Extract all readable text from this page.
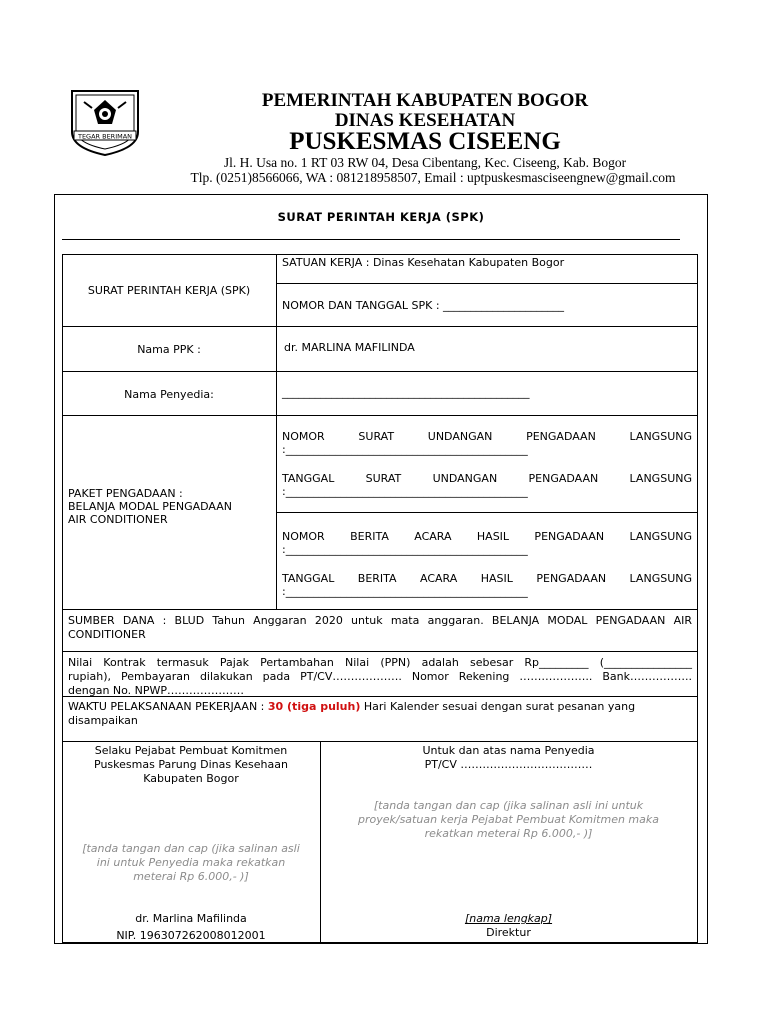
TEGAR BERIMAN
PEMERINTAH KABUPATEN BOGOR
DINAS KESEHATAN
PUSKESMAS CISEENG
Jl. H. Usa no. 1 RT 03 RW 04, Desa Cibentang, Kec. Ciseeng, Kab. Bogor
Tlp. (0251)8566066, WA : 081218958507, Email : uptpuskesmasciseengnew@gmail.com
SURAT PERINTAH KERJA (SPK)
SURAT PERINTAH KERJA (SPK)
SATUAN KERJA : Dinas Kesehatan Kabupaten Bogor
NOMOR DAN TANGGAL SPK : ______________________
Nama PPK :	dr. MARLINA MAFILINDA
Nama Penyedia:	_____________________________________________
PAKET PENGADAAN :
BELANJA MODAL PENGADAAN
AIR CONDITIONER
NOMOR SURAT UNDANGAN PENGADAAN LANGSUNG
:____________________________________________
TANGGAL SURAT UNDANGAN PENGADAAN LANGSUNG
:____________________________________________
NOMOR BERITA ACARA HASIL PENGADAAN LANGSUNG
:____________________________________________
TANGGAL BERITA ACARA HASIL PENGADAAN LANGSUNG
:____________________________________________
SUMBER DANA : BLUD Tahun Anggaran 2020 untuk mata anggaran. BELANJA MODAL PENGADAAN AIR
CONDITIONER
Nilai Kontrak termasuk Pajak Pertambahan Nilai (PPN) adalah sebesar Rp_________ (________________
rupiah), Pembayaran dilakukan pada PT/CV………………. Nomor Rekening ……………….. Bank……………..
dengan No. NPWP…………………
WAKTU PELAKSANAAN PEKERJAAN : 30 (tiga puluh) Hari Kalender sesuai dengan surat pesanan yang
disampaikan
Selaku Pejabat Pembuat Komitmen
Puskesmas Parung Dinas Kesehaan
Kabupaten Bogor
[tanda tangan dan cap (jika salinan asli
ini untuk Penyedia maka rekatkan
meterai Rp 6.000,- )]
dr. Marlina Mafilinda
NIP. 196307262008012001
Untuk dan atas nama Penyedia
PT/CV ………………………………
[tanda tangan dan cap (jika salinan asli ini untuk
proyek/satuan kerja Pejabat Pembuat Komitmen maka
rekatkan meterai Rp 6.000,- )]
[nama lengkap]
Direktur
